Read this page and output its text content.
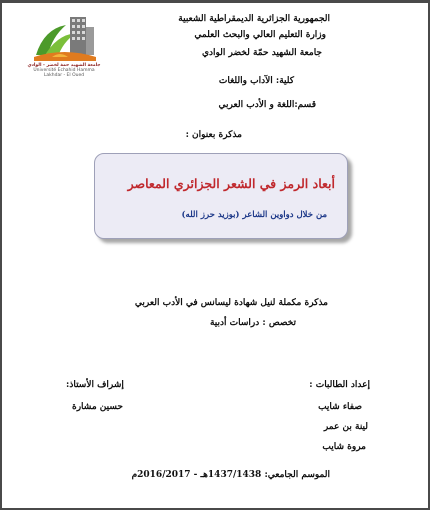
جامعة الشهيد حمة لخضر - الوادي
Université Echahid Hamma Lakhdar - El Oued
الجمهورية الجزائرية الديمقراطية الشعبية
وزارة التعليم العالي والبحث العلمي
جامعة الشهيد حمّة لخضر الوادي
كلية: الآداب واللغات
قسم:اللغة و الأدب العربي
مذكرة بعنوان :
أبعاد الرمز في الشعر الجزائري المعاصر
من خلال دواوين الشاعر (بوزيد حرز الله)
مذكرة مكملة لنيل شهادة ليسانس في الأدب العربي
تخصص : دراسات أدبية
إعداد الطالبات :
صفاء شايب
لينة بن عمر
مروة شايب
إشراف الأستاذ:
حسين مشارة
الموسم الجامعي: 1437/1438هـ - 2016/2017م
